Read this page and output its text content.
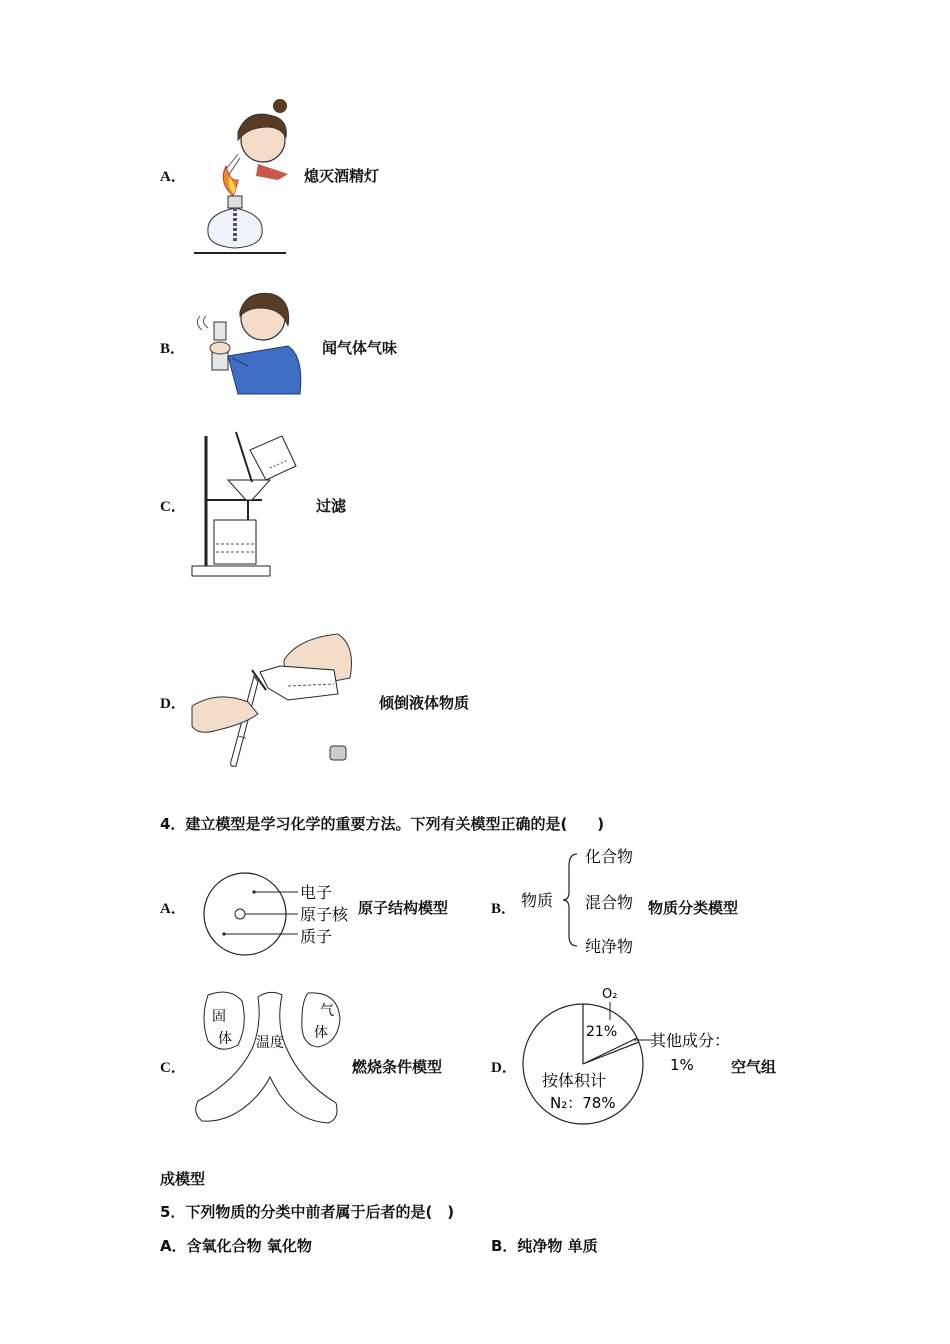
A．	熄灭酒精灯
B．	闻气体气味
C．	过滤
D．	倾倒液体物质
4．建立模型是学习化学的重要方法。下列有关模型正确的是(　　)
A．
电子
原子核
质子
原子结构模型	B． 物质
化合物
混合物
纯净物
物质分类模型
C．
固
体
气
体
温度
燃烧条件模型	D．
O₂
21% 其他成分：
1%
按体积计
N₂：78%
空气组
成模型
5．下列物质的分类中前者属于后者的是(　)
A．含氧化合物 氧化物	B．纯净物 单质
